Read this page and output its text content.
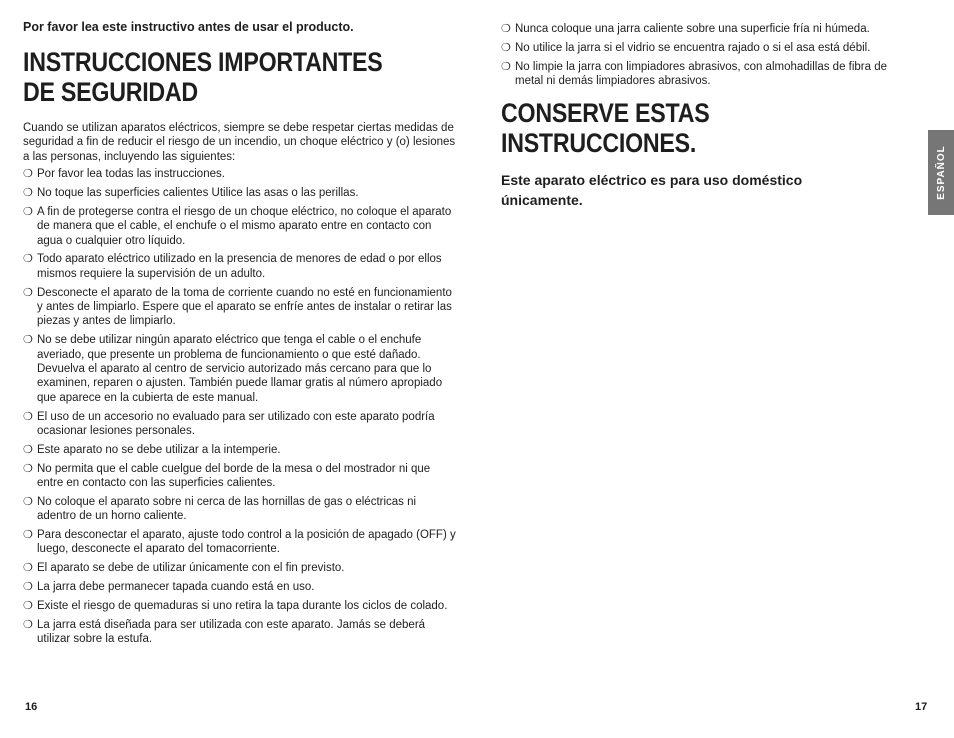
Por favor lea este instructivo antes de usar el producto.

INSTRUCCIONES IMPORTANTES
DE SEGURIDAD

Cuando se utilizan aparatos eléctricos, siempre se debe respetar ciertas medidas de seguridad a fin de reducir el riesgo de un incendio, un choque eléctrico y (o) lesiones a las personas, incluyendo las siguientes:

❍ Por favor lea todas las instrucciones.
❍ No toque las superficies calientes Utilice las asas o las perillas.
❍ A fin de protegerse contra el riesgo de un choque eléctrico, no coloque el aparato de manera que el cable, el enchufe o el mismo aparato entre en contacto con agua o cualquier otro líquido.
❍ Todo aparato eléctrico utilizado en la presencia de menores de edad o por ellos mismos requiere la supervisión de un adulto.
❍ Desconecte el aparato de la toma de corriente cuando no esté en funcionamiento y antes de limpiarlo. Espere que el aparato se enfríe antes de instalar o retirar las piezas y antes de limpiarlo.
❍ No se debe utilizar ningún aparato eléctrico que tenga el cable o el enchufe averiado, que presente un problema de funcionamiento o que esté dañado. Devuelva el aparato al centro de servicio autorizado más cercano para que lo examinen, reparen o ajusten. También puede llamar gratis al número apropiado que aparece en la cubierta de este manual.
❍ El uso de un accesorio no evaluado para ser utilizado con este aparato podría ocasionar lesiones personales.
❍ Este aparato no se debe utilizar a la intemperie.
❍ No permita que el cable cuelgue del borde de la mesa o del mostrador ni que entre en contacto con las superficies calientes.
❍ No coloque el aparato sobre ni cerca de las hornillas de gas o eléctricas ni adentro de un horno caliente.
❍ Para desconectar el aparato, ajuste todo control a la posición de apagado (OFF) y luego, desconecte el aparato del tomacorriente.
❍ El aparato se debe de utilizar únicamente con el fin previsto.
❍ La jarra debe permanecer tapada cuando está en uso.
❍ Existe el riesgo de quemaduras si uno retira la tapa durante los ciclos de colado.
❍ La jarra está diseñada para ser utilizada con este aparato. Jamás se deberá utilizar sobre la estufa.
❍ Nunca coloque una jarra caliente sobre una superficie fría ni húmeda.
❍ No utilice la jarra si el vidrio se encuentra rajado o si el asa está débil.
❍ No limpie la jarra con limpiadores abrasivos, con almohadillas de fibra de metal ni demás limpiadores abrasivos.
CONSERVE ESTAS
INSTRUCCIONES.

Este aparato eléctrico es para uso doméstico únicamente.

ESPAÑOL
16	17
